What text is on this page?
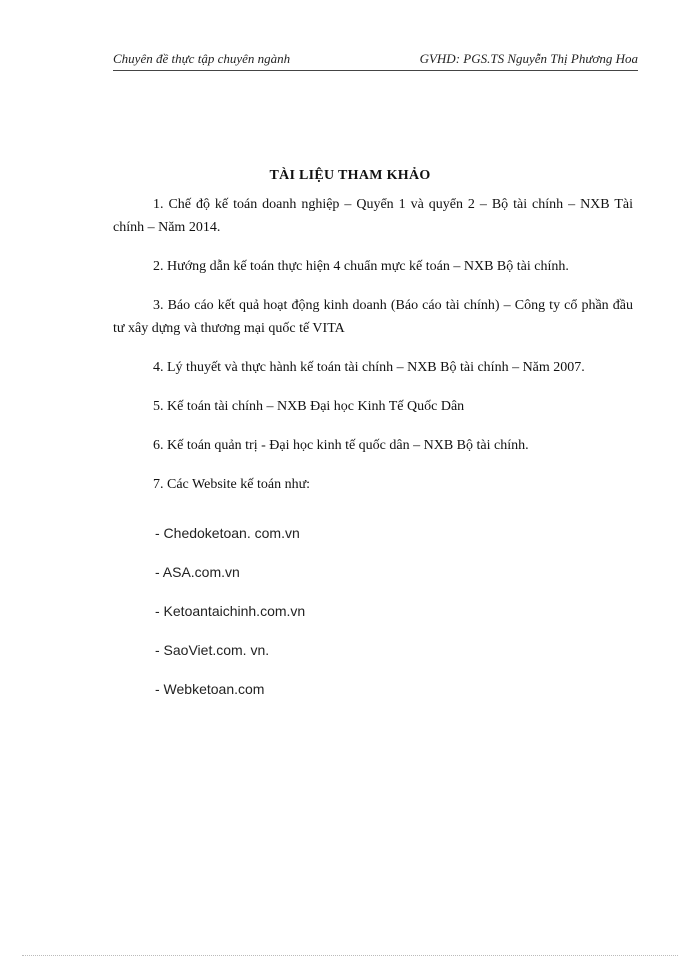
Chuyên đề thực tập chuyên ngành	GVHD: PGS.TS Nguyễn Thị Phương Hoa
TÀI LIỆU THAM KHẢO

1. Chế độ kế toán doanh nghiệp – Quyển 1 và quyển 2 – Bộ tài chính – NXB Tài chính – Năm 2014.

2. Hướng dẫn kế toán thực hiện 4 chuẩn mực kế toán – NXB Bộ tài chính.

3. Báo cáo kết quả hoạt động kinh doanh (Báo cáo tài chính) – Công ty cổ phần đầu tư xây dựng và thương mại quốc tế VITA

4. Lý thuyết và thực hành kế toán tài chính – NXB Bộ tài chính – Năm 2007.

5. Kế toán tài chính – NXB Đại học Kinh Tế Quốc Dân

6. Kế toán quản trị - Đại học kinh tế quốc dân – NXB Bộ tài chính.

7. Các Website kế toán như:

- Chedoketoan. com.vn
- ASA.com.vn
- Ketoantaichinh.com.vn
- SaoViet.com. vn.
- Webketoan.com
